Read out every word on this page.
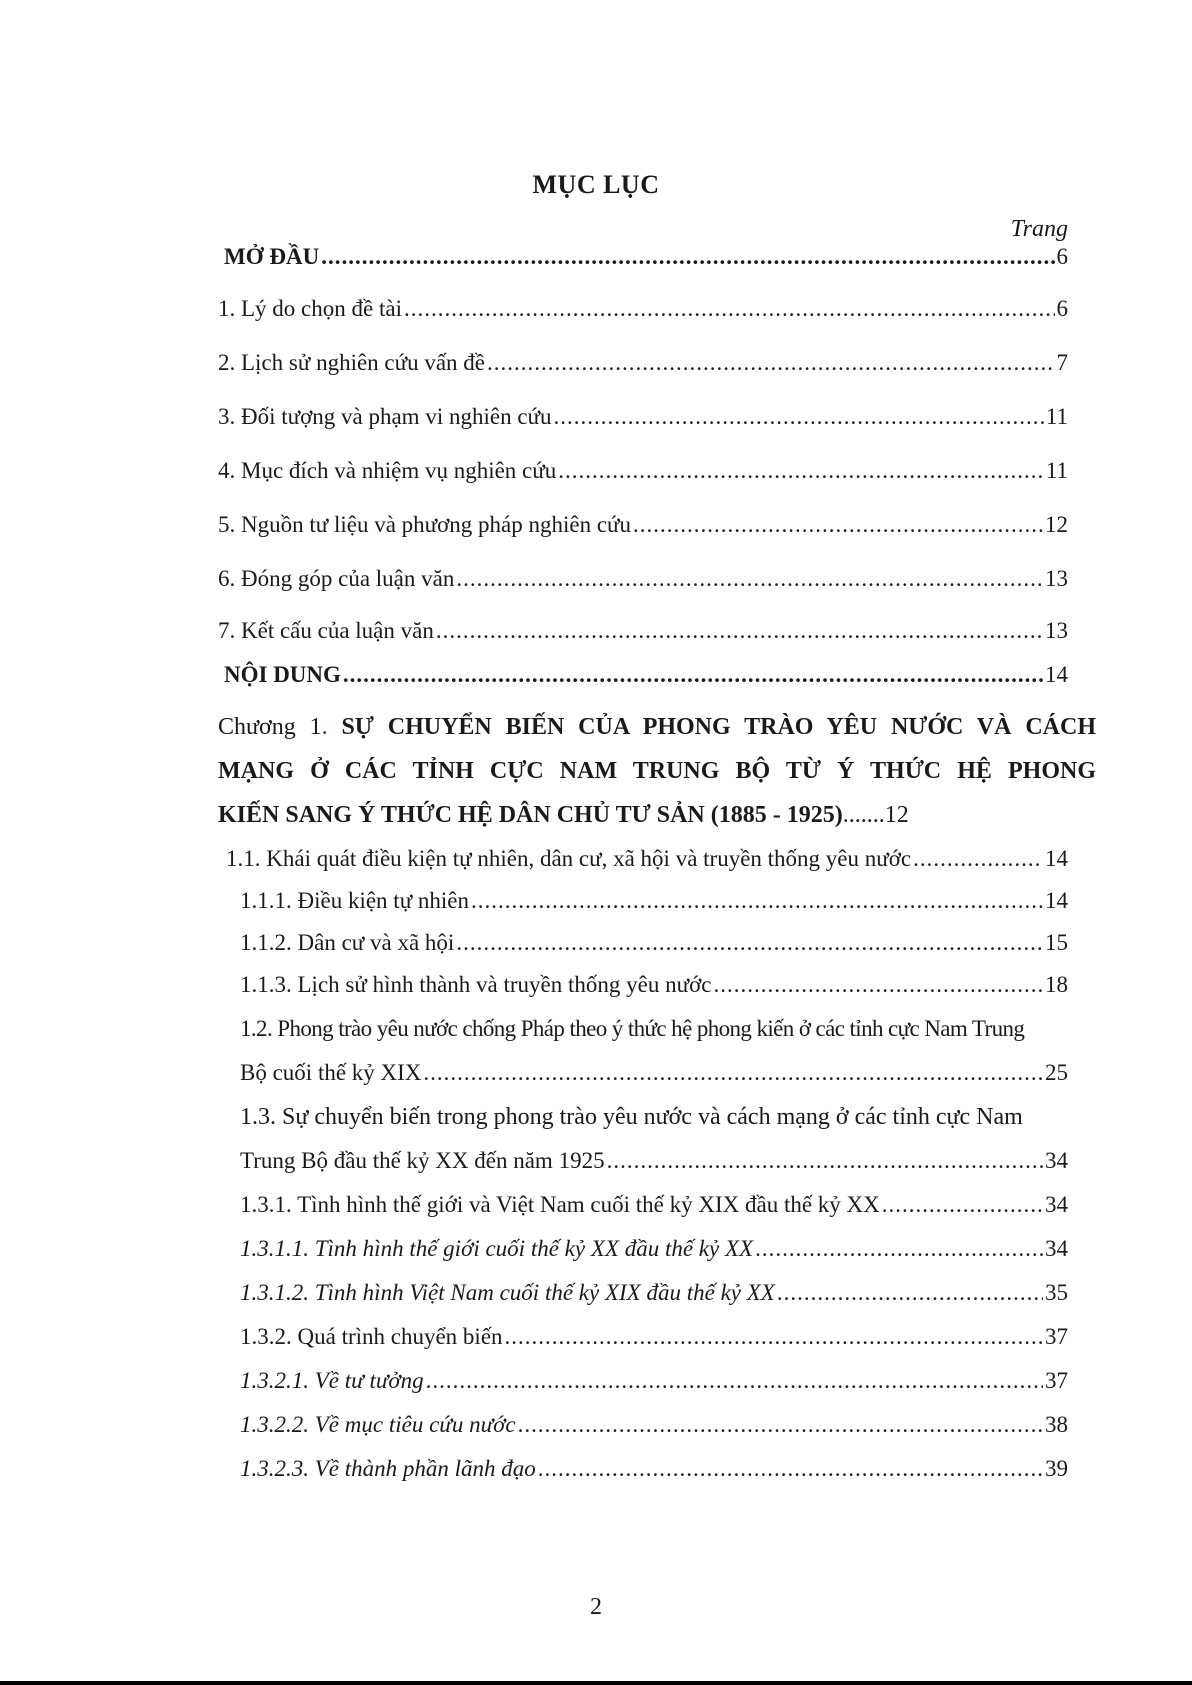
MỤC LỤC
Trang
MỞ ĐẦU .....	6
1. Lý do chọn đề tài .....	6
2. Lịch sử nghiên cứu vấn đề .....	7
3. Đối tượng và phạm vi nghiên cứu .....	11
4. Mục đích và nhiệm vụ nghiên cứu .....	11
5. Nguồn tư liệu và phương pháp nghiên cứu .....	12
6. Đóng góp của luận văn .....	13
7. Kết cấu của luận văn .....	13
NỘI DUNG .....	14
Chương 1. SỰ CHUYỂN BIẾN CỦA PHONG TRÀO YÊU NƯỚC VÀ CÁCH
MẠNG Ở CÁC TỈNH CỰC NAM TRUNG BỘ TỪ Ý THỨC HỆ PHONG
KIẾN SANG Ý THỨC HỆ DÂN CHỦ TƯ SẢN (1885 - 1925).......12
1.1. Khái quát điều kiện tự nhiên, dân cư, xã hội và truyền thống yêu nước .....	14
1.1.1. Điều kiện tự nhiên .....	14
1.1.2. Dân cư và xã hội .....	15
1.1.3. Lịch sử hình thành và truyền thống yêu nước .....	18
1.2. Phong trào yêu nước chống Pháp theo ý thức hệ phong kiến ở các tỉnh cực Nam Trung
Bộ cuối thế kỷ XIX .....	25
1.3. Sự chuyển biến trong phong trào yêu nước và cách mạng ở các tỉnh cực Nam
Trung Bộ đầu thế kỷ XX đến năm 1925 .....	34
1.3.1. Tình hình thế giới và Việt Nam cuối thế kỷ XIX đầu thế kỷ XX .....	34
1.3.1.1. Tình hình thế giới cuối thế kỷ XX đầu thế kỷ XX .....	34
1.3.1.2. Tình hình Việt Nam cuối thế kỷ XIX đầu thế kỷ XX .....	35
1.3.2. Quá trình chuyển biến .....	37
1.3.2.1. Về tư tưởng .....	37
1.3.2.2. Về mục tiêu cứu nước .....	38
1.3.2.3. Về thành phần lãnh đạo .....	39
2
